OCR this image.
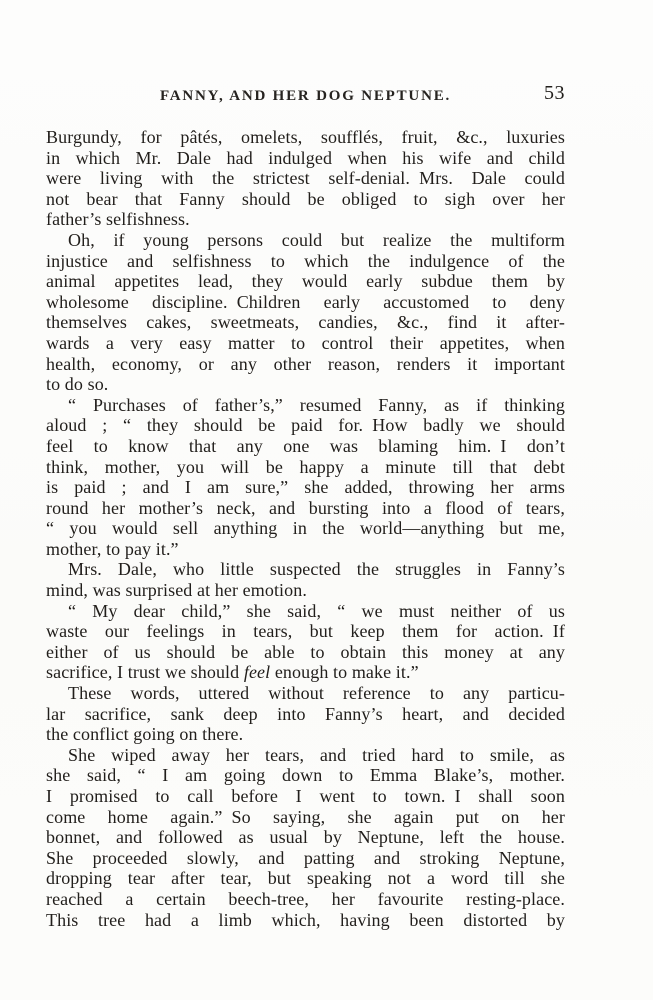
FANNY, AND HER DOG NEPTUNE.	53

Burgundy, for pâtés, omelets, soufflés, fruit, &c., luxuries
in which Mr. Dale had indulged when his wife and child
were living with the strictest self-denial. Mrs. Dale could
not bear that Fanny should be obliged to sigh over her
father’s selfishness.

Oh, if young persons could but realize the multiform
injustice and selfishness to which the indulgence of the
animal appetites lead, they would early subdue them by
wholesome discipline. Children early accustomed to deny
themselves cakes, sweetmeats, candies, &c., find it after-
wards a very easy matter to control their appetites, when
health, economy, or any other reason, renders it important
to do so.

“ Purchases of father’s,” resumed Fanny, as if thinking
aloud ; “ they should be paid for. How badly we should
feel to know that any one was blaming him. I don’t
think, mother, you will be happy a minute till that debt
is paid ; and I am sure,” she added, throwing her arms
round her mother’s neck, and bursting into a flood of tears,
“ you would sell anything in the world—anything but me,
mother, to pay it.”

Mrs. Dale, who little suspected the struggles in Fanny’s
mind, was surprised at her emotion.

“ My dear child,” she said, “ we must neither of us
waste our feelings in tears, but keep them for action. If
either of us should be able to obtain this money at any
sacrifice, I trust we should feel enough to make it.”

These words, uttered without reference to any particu-
lar sacrifice, sank deep into Fanny’s heart, and decided
the conflict going on there.

She wiped away her tears, and tried hard to smile, as
she said, “ I am going down to Emma Blake’s, mother.
I promised to call before I went to town. I shall soon
come home again.” So saying, she again put on her
bonnet, and followed as usual by Neptune, left the house.
She proceeded slowly, and patting and stroking Neptune,
dropping tear after tear, but speaking not a word till she
reached a certain beech-tree, her favourite resting-place.
This tree had a limb which, having been distorted by
